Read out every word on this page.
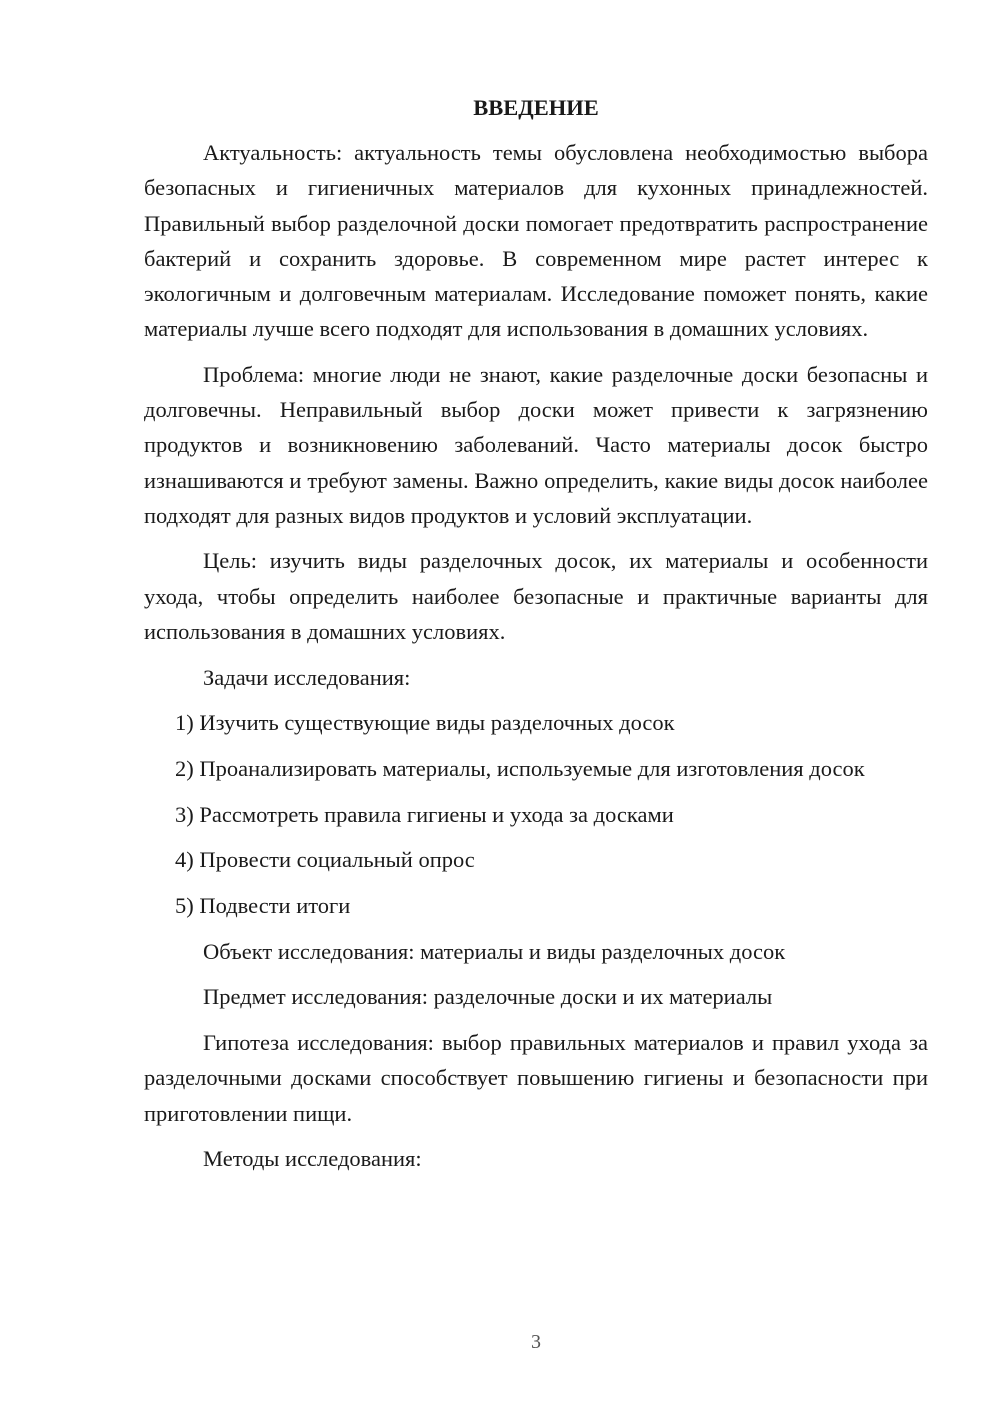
ВВЕДЕНИЕ

Актуальность: актуальность темы обусловлена необходимостью выбора безопасных и гигиеничных материалов для кухонных принадлежностей. Правильный выбор разделочной доски помогает предотвратить распространение бактерий и сохранить здоровье. В современном мире растет интерес к экологичным и долговечным материалам. Исследование поможет понять, какие материалы лучше всего подходят для использования в домашних условиях.

Проблема: многие люди не знают, какие разделочные доски безопасны и долговечны. Неправильный выбор доски может привести к загрязнению продуктов и возникновению заболеваний. Часто материалы досок быстро изнашиваются и требуют замены. Важно определить, какие виды досок наиболее подходят для разных видов продуктов и условий эксплуатации.

Цель: изучить виды разделочных досок, их материалы и особенности ухода, чтобы определить наиболее безопасные и практичные варианты для использования в домашних условиях.

Задачи исследования:

1) Изучить существующие виды разделочных досок

2) Проанализировать материалы, используемые для изготовления досок

3) Рассмотреть правила гигиены и ухода за досками

4) Провести социальный опрос

5) Подвести итоги

Объект исследования: материалы и виды разделочных досок

Предмет исследования: разделочные доски и их материалы

Гипотеза исследования: выбор правильных материалов и правил ухода за разделочными досками способствует повышению гигиены и безопасности при приготовлении пищи.

Методы исследования:

3
